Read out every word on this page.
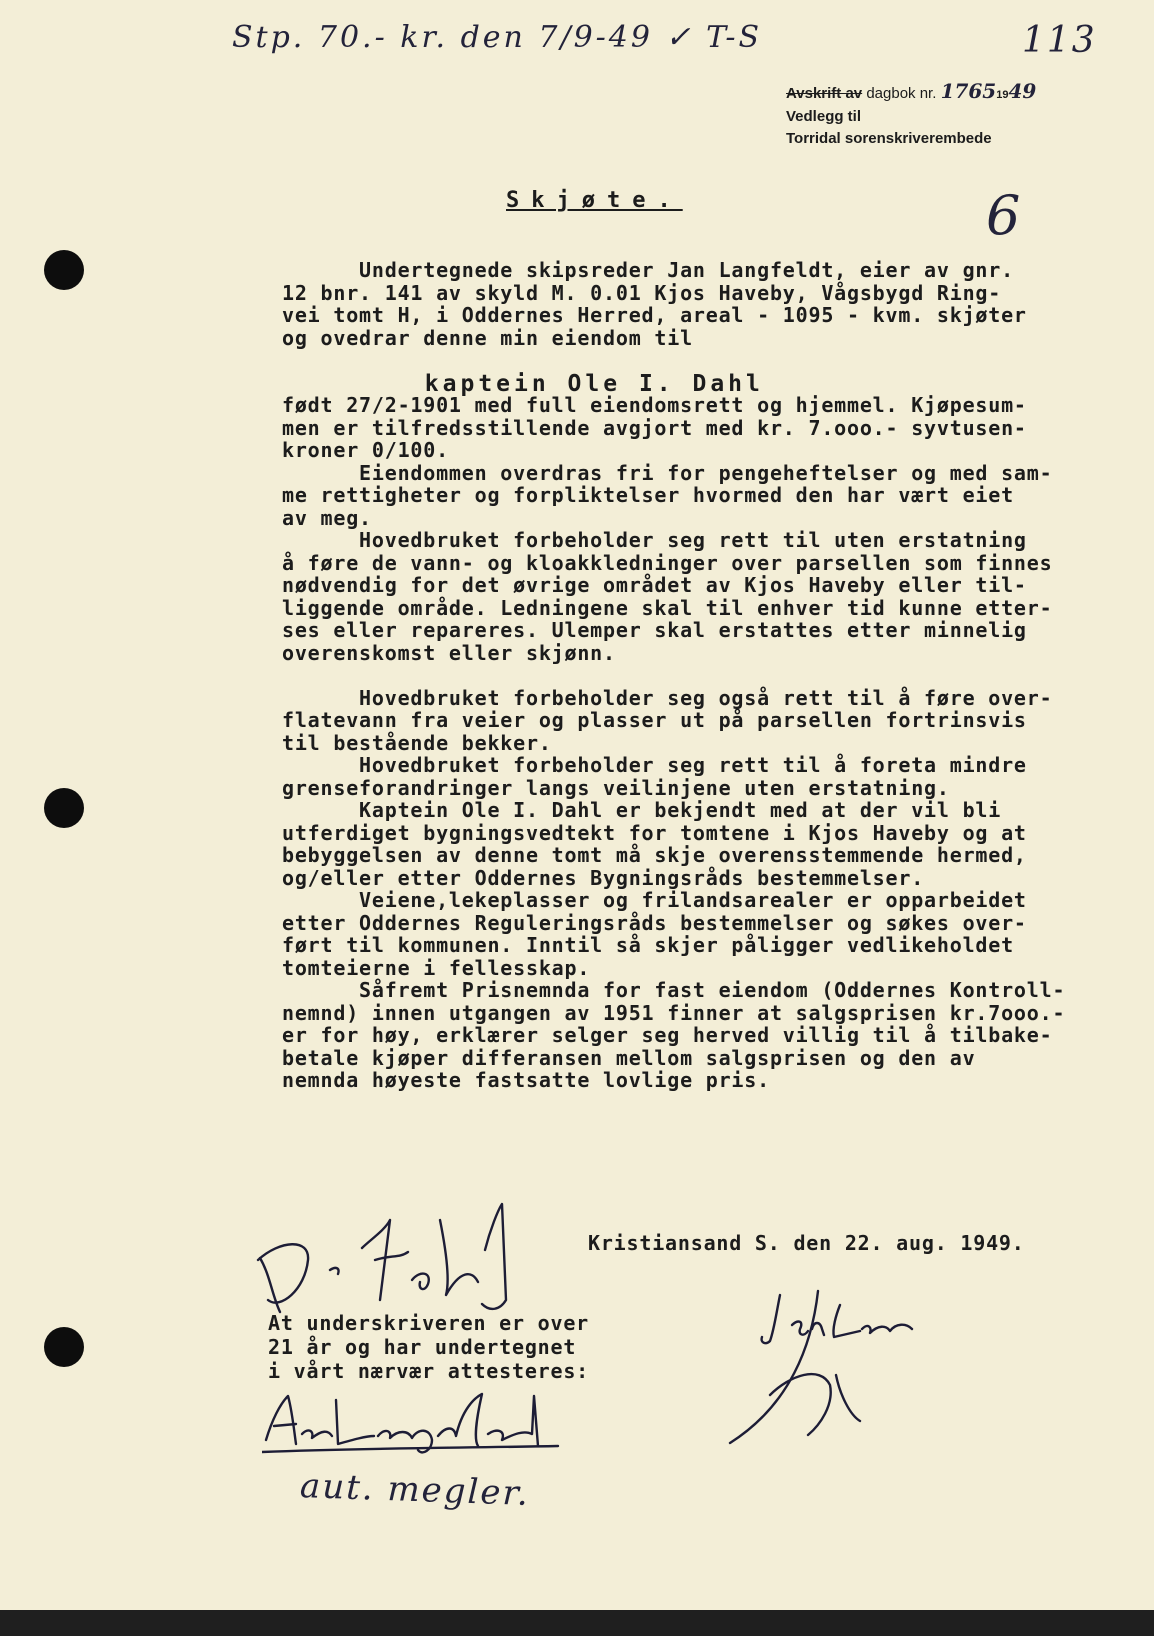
Stp. 70.- kr. den 7/9-49 ✓ T-S	113
Avskrift av dagbok nr. 17651949
Vedlegg til
Torridal sorenskriverembede
6
Skjøte.
Undertegnede skipsreder Jan Langfeldt, eier av gnr.
12 bnr. 141 av skyld M. 0.01 Kjos Haveby, Vågsbygd Ring-
vei tomt H, i Oddernes Herred, areal - 1095 - kvm. skjøter
og ovedrar denne min eiendom til
kaptein Ole I. Dahl
født 27/2-1901 med full eiendomsrett og hjemmel. Kjøpesum-
men er tilfredsstillende avgjort med kr. 7.ooo.- syvtusen-
kroner 0/100.
Eiendommen overdras fri for pengeheftelser og med sam-
me rettigheter og forpliktelser hvormed den har vært eiet
av meg.
Hovedbruket forbeholder seg rett til uten erstatning
å føre de vann- og kloakkledninger over parsellen som finnes
nødvendig for det øvrige området av Kjos Haveby eller til-
liggende område. Ledningene skal til enhver tid kunne etter-
ses eller repareres. Ulemper skal erstattes etter minnelig
overenskomst eller skjønn.
Hovedbruket forbeholder seg også rett til å føre over-
flatevann fra veier og plasser ut på parsellen fortrinsvis
til bestående bekker.
Hovedbruket forbeholder seg rett til å foreta mindre
grenseforandringer langs veilinjene uten erstatning.
Kaptein Ole I. Dahl er bekjendt med at der vil bli
utferdiget bygningsvedtekt for tomtene i Kjos Haveby og at
bebyggelsen av denne tomt må skje overensstemmende hermed,
og/eller etter Oddernes Bygningsråds bestemmelser.
Veiene,lekeplasser og frilandsarealer er opparbeidet
etter Oddernes Reguleringsråds bestemmelser og søkes over-
ført til kommunen. Inntil så skjer påligger vedlikeholdet
tomteierne i fellesskap.
Såfremt Prisnemnda for fast eiendom (Oddernes Kontroll-
nemnd) innen utgangen av 1951 finner at salgsprisen kr.7ooo.-
er for høy, erklærer selger seg herved villig til å tilbake-
betale kjøper differansen mellom salgsprisen og den av
nemnda høyeste fastsatte lovlige pris.
Kristiansand S. den 22. aug. 1949.
At underskriveren er over
21 år og har undertegnet
i vårt nærvær attesteres:
aut. megler.
